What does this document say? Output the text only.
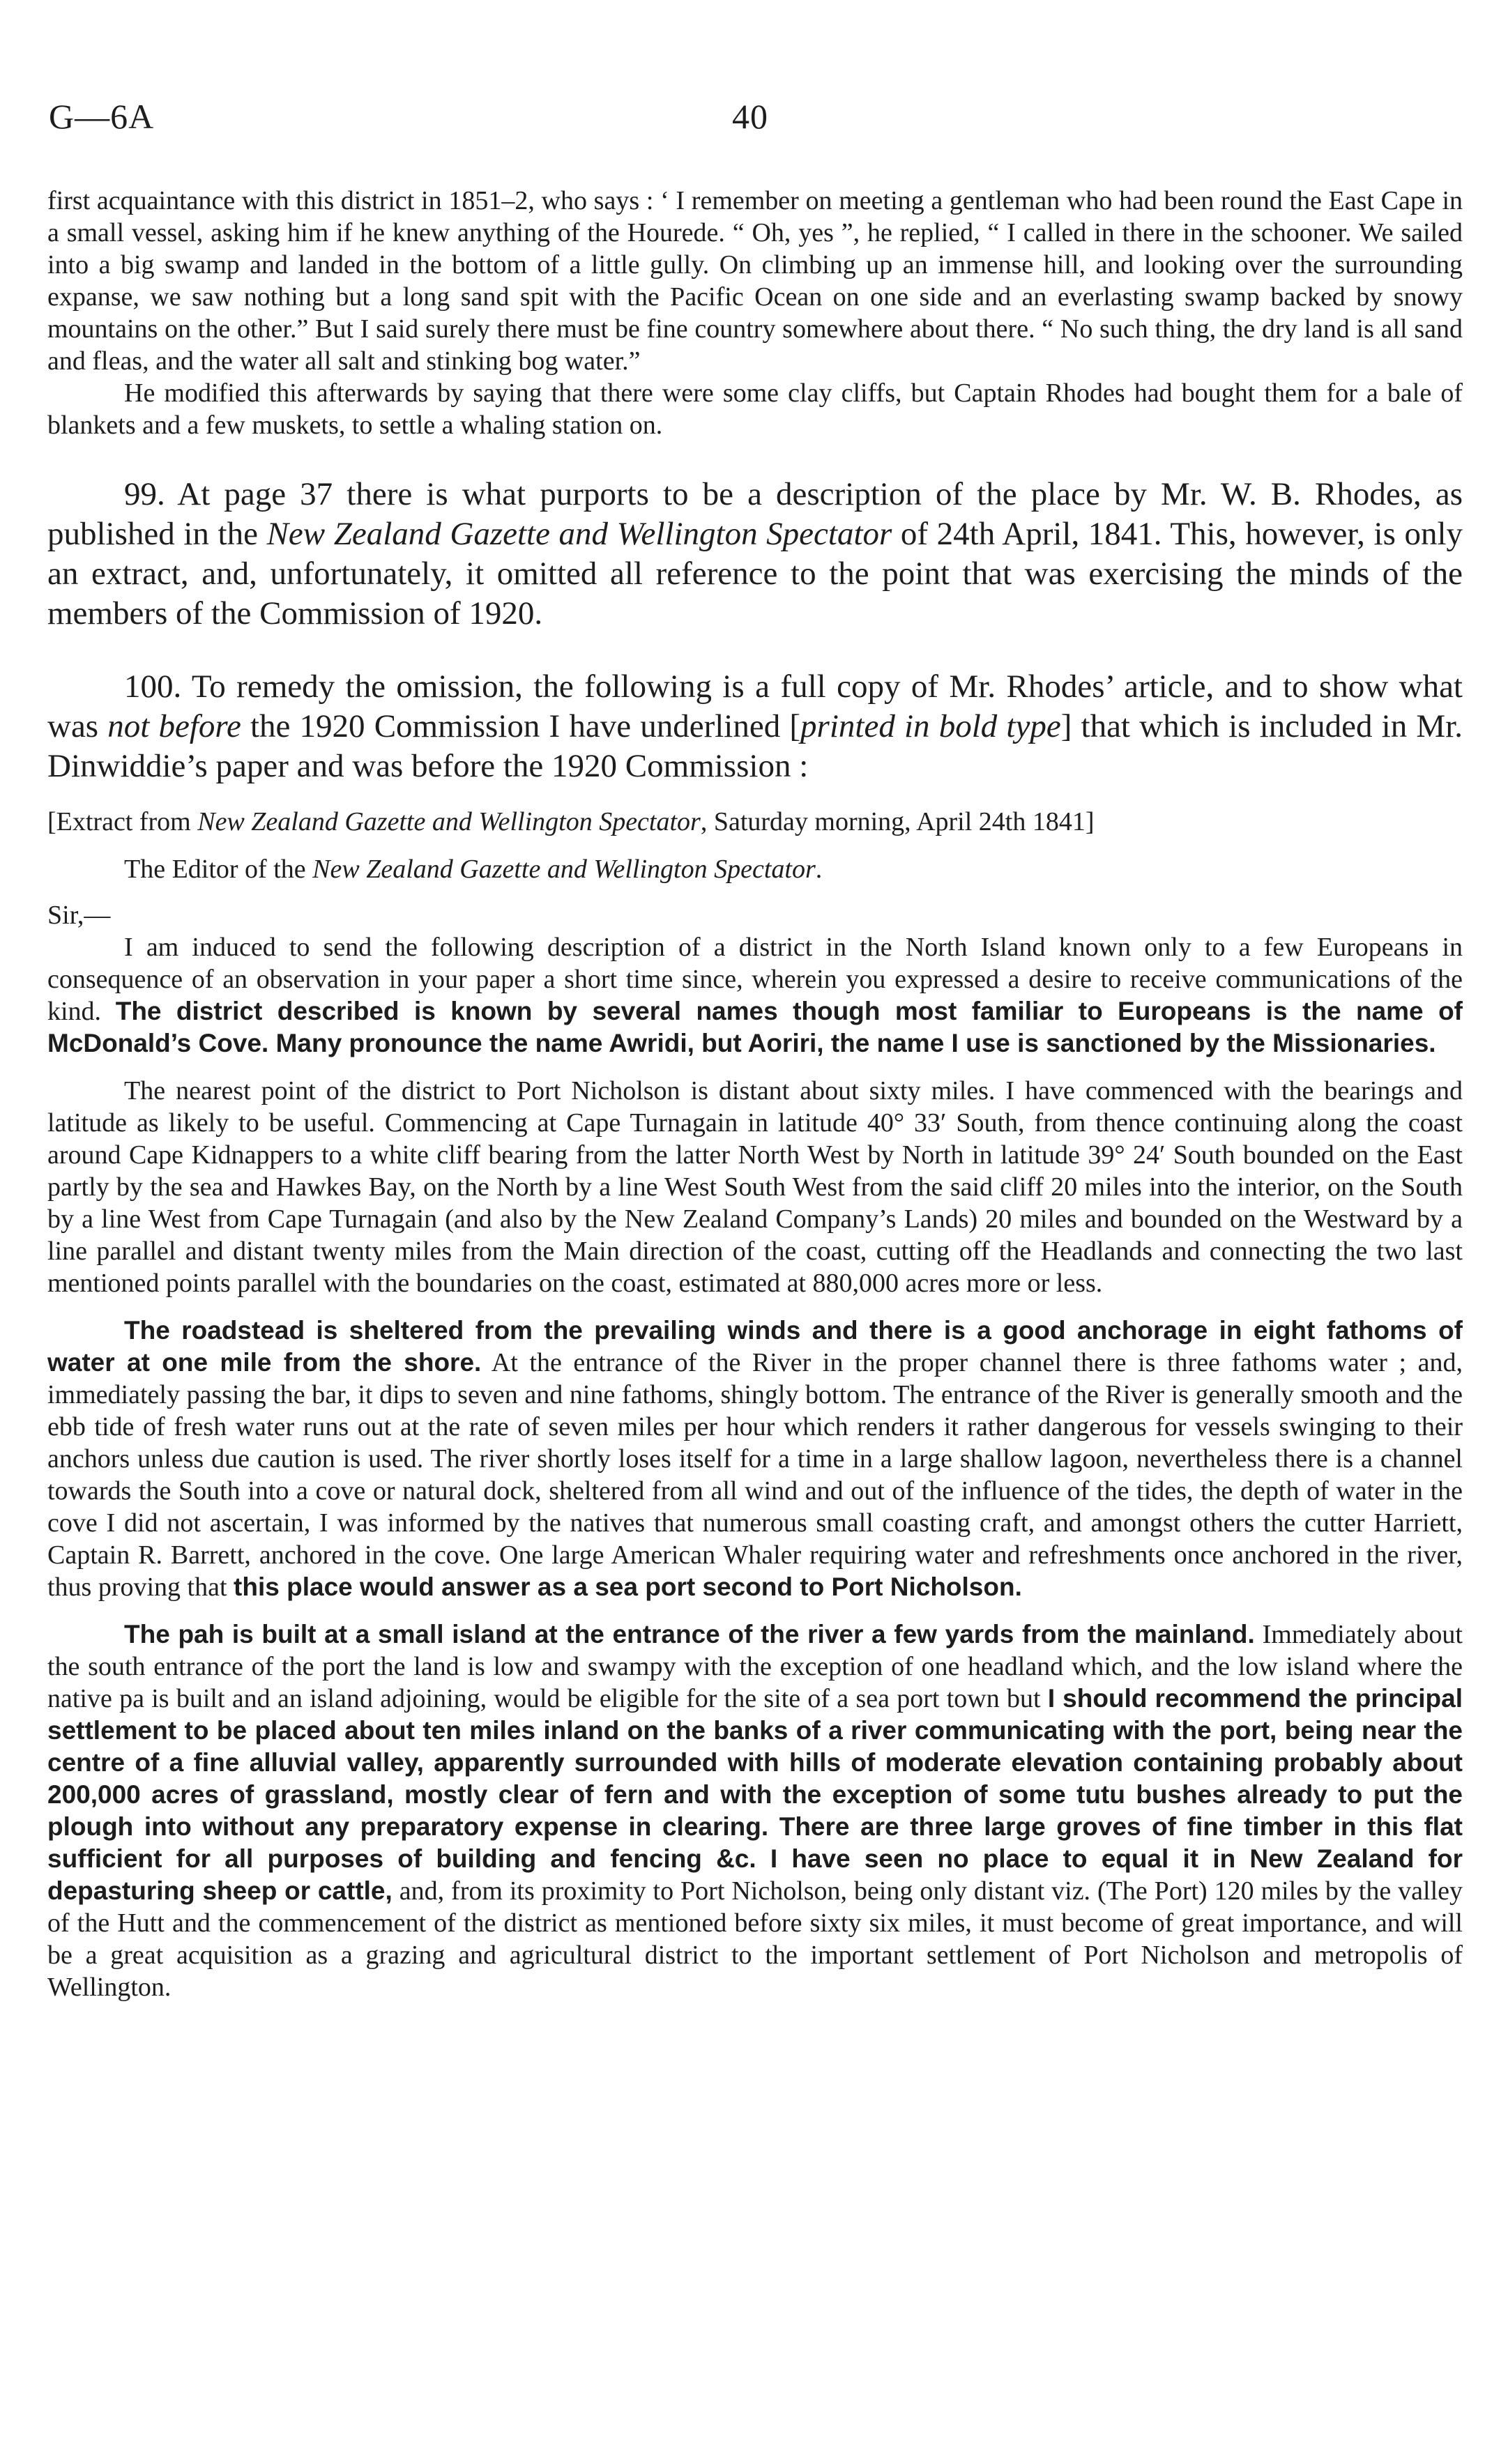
G—6A	40

first acquaintance with this district in 1851–2, who says : ‘ I remember on meeting a gentleman who had been round the East Cape in a small vessel, asking him if he knew anything of the Hourede. “ Oh, yes ”, he replied, “ I called in there in the schooner. We sailed into a big swamp and landed in the bottom of a little gully. On climbing up an immense hill, and looking over the surrounding expanse, we saw nothing but a long sand spit with the Pacific Ocean on one side and an everlasting swamp backed by snowy mountains on the other.” But I said surely there must be fine country somewhere about there. “ No such thing, the dry land is all sand and fleas, and the water all salt and stinking bog water.”

He modified this afterwards by saying that there were some clay cliffs, but Captain Rhodes had bought them for a bale of blankets and a few muskets, to settle a whaling station on.

99. At page 37 there is what purports to be a description of the place by Mr. W. B. Rhodes, as published in the New Zealand Gazette and Wellington Spectator of 24th April, 1841. This, however, is only an extract, and, unfortunately, it omitted all reference to the point that was exercising the minds of the members of the Commission of 1920.

100. To remedy the omission, the following is a full copy of Mr. Rhodes’ article, and to show what was not before the 1920 Commission I have underlined [printed in bold type] that which is included in Mr. Dinwiddie’s paper and was before the 1920 Commission :

[Extract from New Zealand Gazette and Wellington Spectator, Saturday morning, April 24th 1841]

The Editor of the New Zealand Gazette and Wellington Spectator.

Sir,—

I am induced to send the following description of a district in the North Island known only to a few Europeans in consequence of an observation in your paper a short time since, wherein you expressed a desire to receive communications of the kind. The district described is known by several names though most familiar to Europeans is the name of McDonald’s Cove. Many pronounce the name Awridi, but Aoriri, the name I use is sanctioned by the Missionaries.

The nearest point of the district to Port Nicholson is distant about sixty miles. I have commenced with the bearings and latitude as likely to be useful. Commencing at Cape Turnagain in latitude 40° 33′ South, from thence continuing along the coast around Cape Kidnappers to a white cliff bearing from the latter North West by North in latitude 39° 24′ South bounded on the East partly by the sea and Hawkes Bay, on the North by a line West South West from the said cliff 20 miles into the interior, on the South by a line West from Cape Turnagain (and also by the New Zealand Company’s Lands) 20 miles and bounded on the Westward by a line parallel and distant twenty miles from the Main direction of the coast, cutting off the Headlands and connecting the two last mentioned points parallel with the boundaries on the coast, estimated at 880,000 acres more or less.

The roadstead is sheltered from the prevailing winds and there is a good anchorage in eight fathoms of water at one mile from the shore. At the entrance of the River in the proper channel there is three fathoms water ; and, immediately passing the bar, it dips to seven and nine fathoms, shingly bottom. The entrance of the River is generally smooth and the ebb tide of fresh water runs out at the rate of seven miles per hour which renders it rather dangerous for vessels swinging to their anchors unless due caution is used. The river shortly loses itself for a time in a large shallow lagoon, nevertheless there is a channel towards the South into a cove or natural dock, sheltered from all wind and out of the influence of the tides, the depth of water in the cove I did not ascertain, I was informed by the natives that numerous small coasting craft, and amongst others the cutter Harriett, Captain R. Barrett, anchored in the cove. One large American Whaler requiring water and refreshments once anchored in the river, thus proving that this place would answer as a sea port second to Port Nicholson.

The pah is built at a small island at the entrance of the river a few yards from the mainland. Immediately about the south entrance of the port the land is low and swampy with the exception of one headland which, and the low island where the native pa is built and an island adjoining, would be eligible for the site of a sea port town but I should recommend the principal settlement to be placed about ten miles inland on the banks of a river communicating with the port, being near the centre of a fine alluvial valley, apparently surrounded with hills of moderate elevation containing probably about 200,000 acres of grassland, mostly clear of fern and with the exception of some tutu bushes already to put the plough into without any preparatory expense in clearing. There are three large groves of fine timber in this flat sufficient for all purposes of building and fencing &c. I have seen no place to equal it in New Zealand for depasturing sheep or cattle, and, from its proximity to Port Nicholson, being only distant viz. (The Port) 120 miles by the valley of the Hutt and the commencement of the district as mentioned before sixty six miles, it must become of great importance, and will be a great acquisition as a grazing and agricultural district to the important settlement of Port Nicholson and metropolis of Wellington.
